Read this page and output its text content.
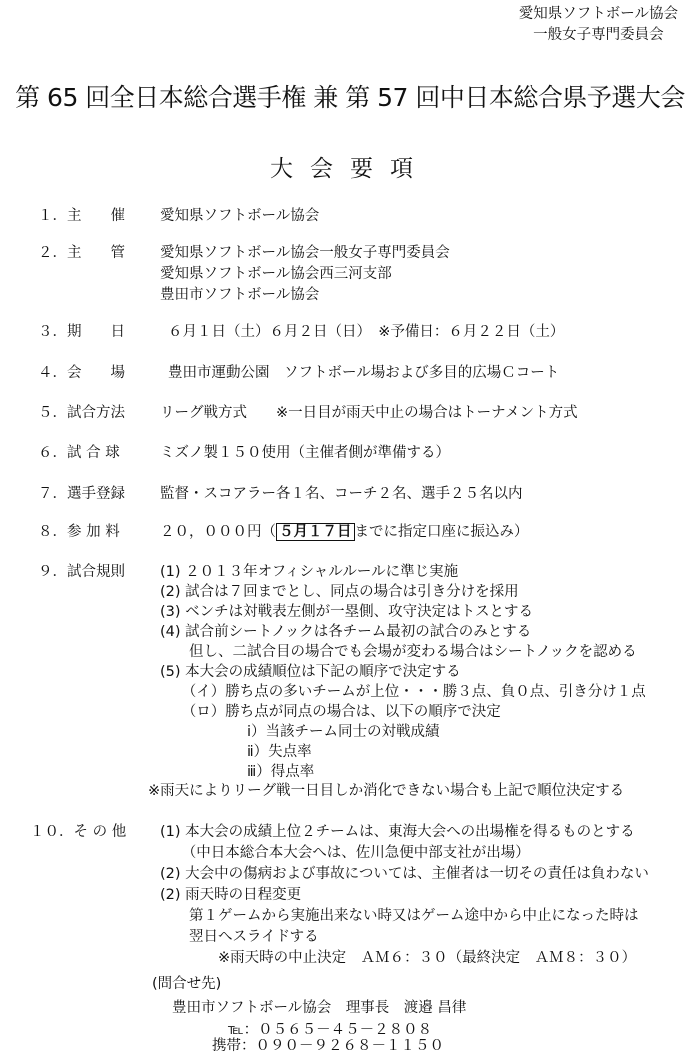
愛知県ソフトボール協会
一般女子専門委員会
第 65 回全日本総合選手権 兼 第 57 回中日本総合県予選大会
大会要項
１．主　　催 愛知県ソフトボール協会
２．主　　管 愛知県ソフトボール協会一般女子専門委員会
愛知県ソフトボール協会西三河支部
豊田市ソフトボール協会
３．期　　日	６月１日（土）６月２日（日）　※予備日：６月２２日（土）
４．会　　場	豊田市運動公園　ソフトボール場および多目的広場Ｃコート
５．試合方法 リーグ戦方式　　※一日目が雨天中止の場合はトーナメント方式
６．試 合 球	ミズノ製１５０使用（主催者側が準備する）
７．選手登録 監督・スコアラー各１名、コーチ２名、選手２５名以内
８．参 加 料	２０，０００円（ ５月１７日 までに指定口座に振込み）
９．試合規則 (1) ２０１３年オフィシャルルールに準じ実施
(2) 試合は７回までとし、同点の場合は引き分けを採用
(3) ベンチは対戦表左側が一塁側、攻守決定はトスとする
(4) 試合前シートノックは各チーム最初の試合のみとする
　　但し、二試合目の場合でも会場が変わる場合はシートノックを認める
(5) 本大会の成績順位は下記の順序で決定する
　　（イ）勝ち点の多いチームが上位・・・勝３点、負０点、引き分け１点
　　（ロ）勝ち点が同点の場合は、以下の順序で決定
　　　　　　ⅰ）当該チーム同士の対戦成績
　　　　　　ⅱ）失点率
　　　　　　ⅲ）得点率
※雨天によりリーグ戦一日目しか消化できない場合も上記で順位決定する
１０．そ の 他 (1) 本大会の成績上位２チームは、東海大会への出場権を得るものとする
　　（中日本総合本大会へは、佐川急便中部支社が出場）
(2) 大会中の傷病および事故については、主催者は一切その責任は負わない
(2) 雨天時の日程変更
　　第１ゲームから実施出来ない時又はゲーム途中から中止になった時は
　　翌日へスライドする
　　　　※雨天時の中止決定　ＡＭ６：３０（最終決定　ＡＭ８：３０）
(問合せ先)
豊田市ソフトボール協会　理事長　渡邉 昌律
℡：０５６５－４５－２８０８
携帯：０９０－９２６８－１１５０
